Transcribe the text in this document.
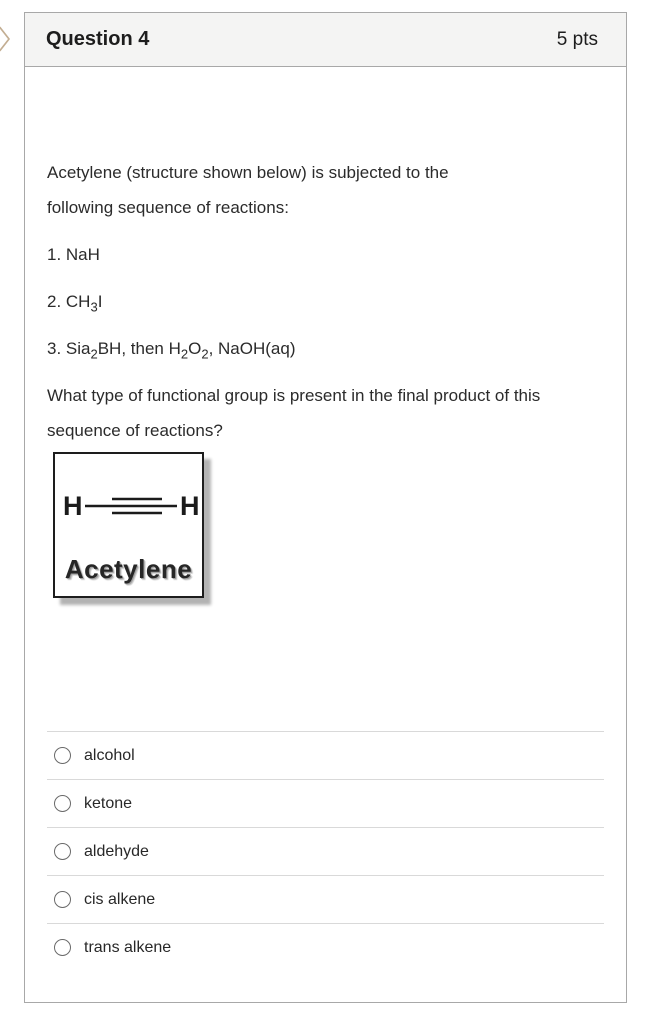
Question 4	5 pts

Acetylene (structure shown below) is subjected to the following sequence of reactions:

1. NaH

2. $CH_3I$

3. Sia$_2$BH, then $H_2O_2$, NaOH(aq)

What type of functional group is present in the final product of this sequence of reactions?

H	H
Acetylene
alcohol
ketone
aldehyde
cis alkene
trans alkene
